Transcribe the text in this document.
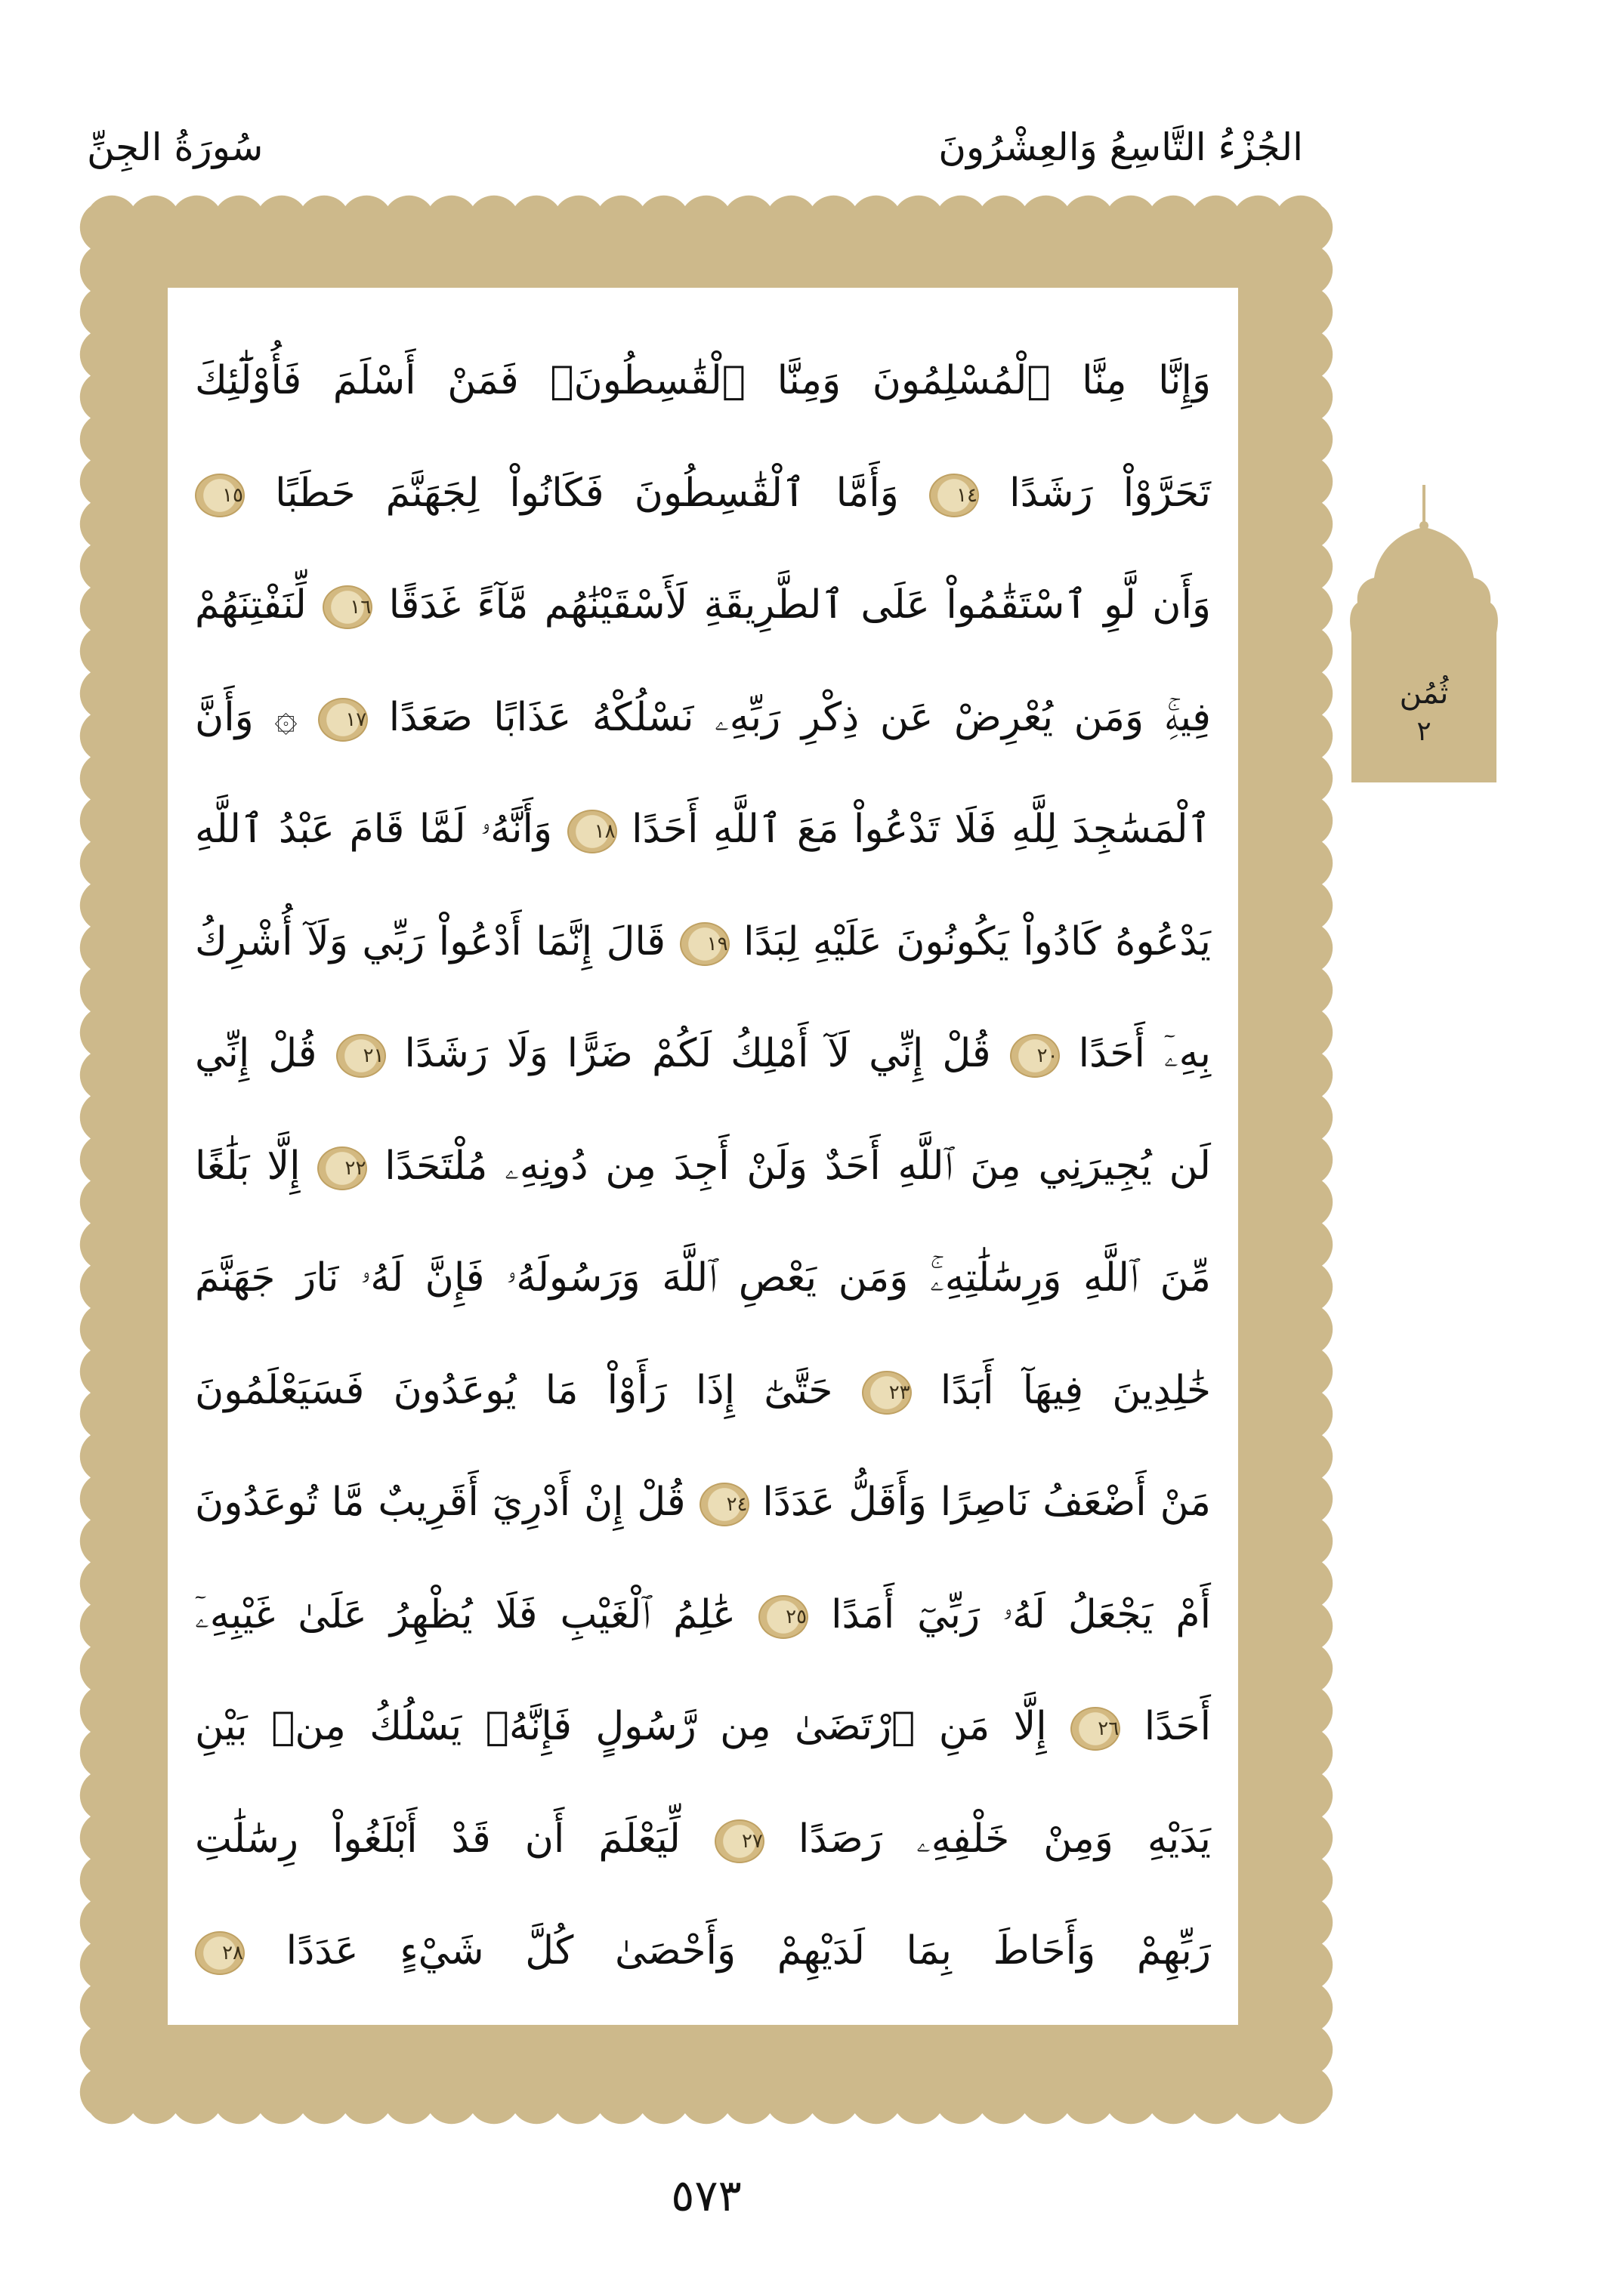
الجُزْءُ التَّاسِعُ وَالعِشْرُونَ
سُورَةُ الجِنِّ
وَإِنَّا مِنَّا ٱلْمُسْلِمُونَ وَمِنَّا ٱلْقَٰسِطُونَۖ فَمَنْ أَسْلَمَ فَأُوْلَٰٓئِكَ
تَحَرَّوْاْ رَشَدًا ١٤ وَأَمَّا ٱلْقَٰسِطُونَ فَكَانُواْ لِجَهَنَّمَ حَطَبًا ١٥
وَأَن لَّوِ ٱسْتَقَٰمُواْ عَلَى ٱلطَّرِيقَةِ لَأَسْقَيْنَٰهُم مَّآءً غَدَقًا ١٦ لِّنَفْتِنَهُمْ
فِيهِۚ وَمَن يُعْرِضْ عَن ذِكْرِ رَبِّهِۦ نَسْلُكْهُ عَذَابًا صَعَدًا ١٧ ۞ وَأَنَّ
ٱلْمَسَٰجِدَ لِلَّهِ فَلَا تَدْعُواْ مَعَ ٱللَّهِ أَحَدًا ١٨ وَأَنَّهُۥ لَمَّا قَامَ عَبْدُ ٱللَّهِ
يَدْعُوهُ كَادُواْ يَكُونُونَ عَلَيْهِ لِبَدًا ١٩ قَالَ إِنَّمَا أَدْعُواْ رَبِّي وَلَآ أُشْرِكُ
بِهِۦٓ أَحَدًا ٢٠ قُلْ إِنِّي لَآ أَمْلِكُ لَكُمْ ضَرًّا وَلَا رَشَدًا ٢١ قُلْ إِنِّي
لَن يُجِيرَنِي مِنَ ٱللَّهِ أَحَدٌ وَلَنْ أَجِدَ مِن دُونِهِۦ مُلْتَحَدًا ٢٢ إِلَّا بَلَٰغًا
مِّنَ ٱللَّهِ وَرِسَٰلَٰتِهِۦۚ وَمَن يَعْصِ ٱللَّهَ وَرَسُولَهُۥ فَإِنَّ لَهُۥ نَارَ جَهَنَّمَ
خَٰلِدِينَ فِيهَآ أَبَدًا ٢٣ حَتَّىٰٓ إِذَا رَأَوْاْ مَا يُوعَدُونَ فَسَيَعْلَمُونَ
مَنْ أَضْعَفُ نَاصِرًا وَأَقَلُّ عَدَدًا ٢٤ قُلْ إِنْ أَدْرِيٓ أَقَرِيبٌ مَّا تُوعَدُونَ
أَمْ يَجْعَلُ لَهُۥ رَبِّيٓ أَمَدًا ٢٥ عَٰلِمُ ٱلْغَيْبِ فَلَا يُظْهِرُ عَلَىٰ غَيْبِهِۦٓ
أَحَدًا ٢٦ إِلَّا مَنِ ٱرْتَضَىٰ مِن رَّسُولٍ فَإِنَّهُۥ يَسْلُكُ مِنۢ بَيْنِ
يَدَيْهِ وَمِنْ خَلْفِهِۦ رَصَدًا ٢٧ لِّيَعْلَمَ أَن قَدْ أَبْلَغُواْ رِسَٰلَٰتِ
رَبِّهِمْ وَأَحَاطَ بِمَا لَدَيْهِمْ وَأَحْصَىٰ كُلَّ شَيْءٍ عَدَدًا ٢٨
ثُمُن
٢
٥٧٣
